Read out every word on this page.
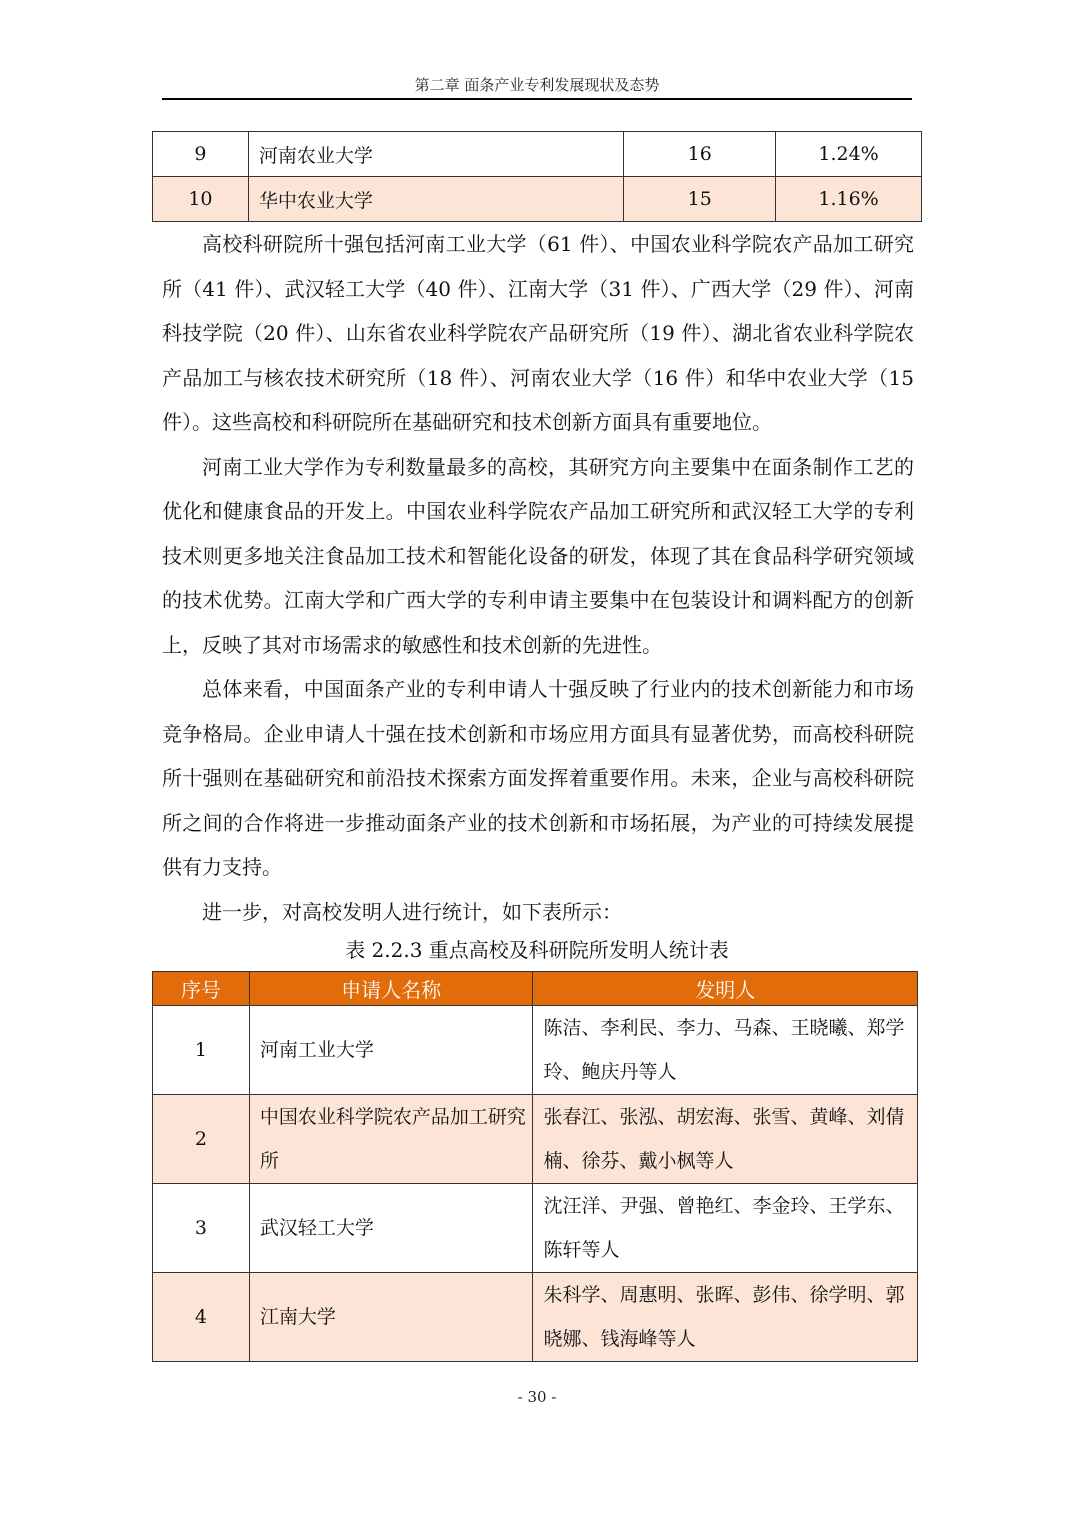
第二章 面条产业专利发展现状及态势
9	河南农业大学	16	1.24%
10	华中农业大学	15	1.16%

高校科研院所十强包括河南工业大学（61 件）、中国农业科学院农产品加工研究所（41 件）、武汉轻工大学（40 件）、江南大学（31 件）、广西大学（29 件）、河南科技学院（20 件）、山东省农业科学院农产品研究所（19 件）、湖北省农业科学院农产品加工与核农技术研究所（18 件）、河南农业大学（16 件）和华中农业大学（15 件）。这些高校和科研院所在基础研究和技术创新方面具有重要地位。

河南工业大学作为专利数量最多的高校，其研究方向主要集中在面条制作工艺的优化和健康食品的开发上。中国农业科学院农产品加工研究所和武汉轻工大学的专利技术则更多地关注食品加工技术和智能化设备的研发，体现了其在食品科学研究领域的技术优势。江南大学和广西大学的专利申请主要集中在包装设计和调料配方的创新上，反映了其对市场需求的敏感性和技术创新的先进性。

总体来看，中国面条产业的专利申请人十强反映了行业内的技术创新能力和市场竞争格局。企业申请人十强在技术创新和市场应用方面具有显著优势，而高校科研院所十强则在基础研究和前沿技术探索方面发挥着重要作用。未来，企业与高校科研院所之间的合作将进一步推动面条产业的技术创新和市场拓展，为产业的可持续发展提供有力支持。

进一步，对高校发明人进行统计，如下表所示：

表 2.2.3 重点高校及科研院所发明人统计表
序号	申请人名称	发明人
1	河南工业大学	陈洁、李利民、李力、马森、王晓曦、郑学玲、鲍庆丹等人
2	中国农业科学院农产品加工研究所	张春江、张泓、胡宏海、张雪、黄峰、刘倩楠、徐芬、戴小枫等人
3	武汉轻工大学	沈汪洋、尹强、曾艳红、李金玲、王学东、陈轩等人
4	江南大学	朱科学、周惠明、张晖、彭伟、徐学明、郭晓娜、钱海峰等人
- 30 -
